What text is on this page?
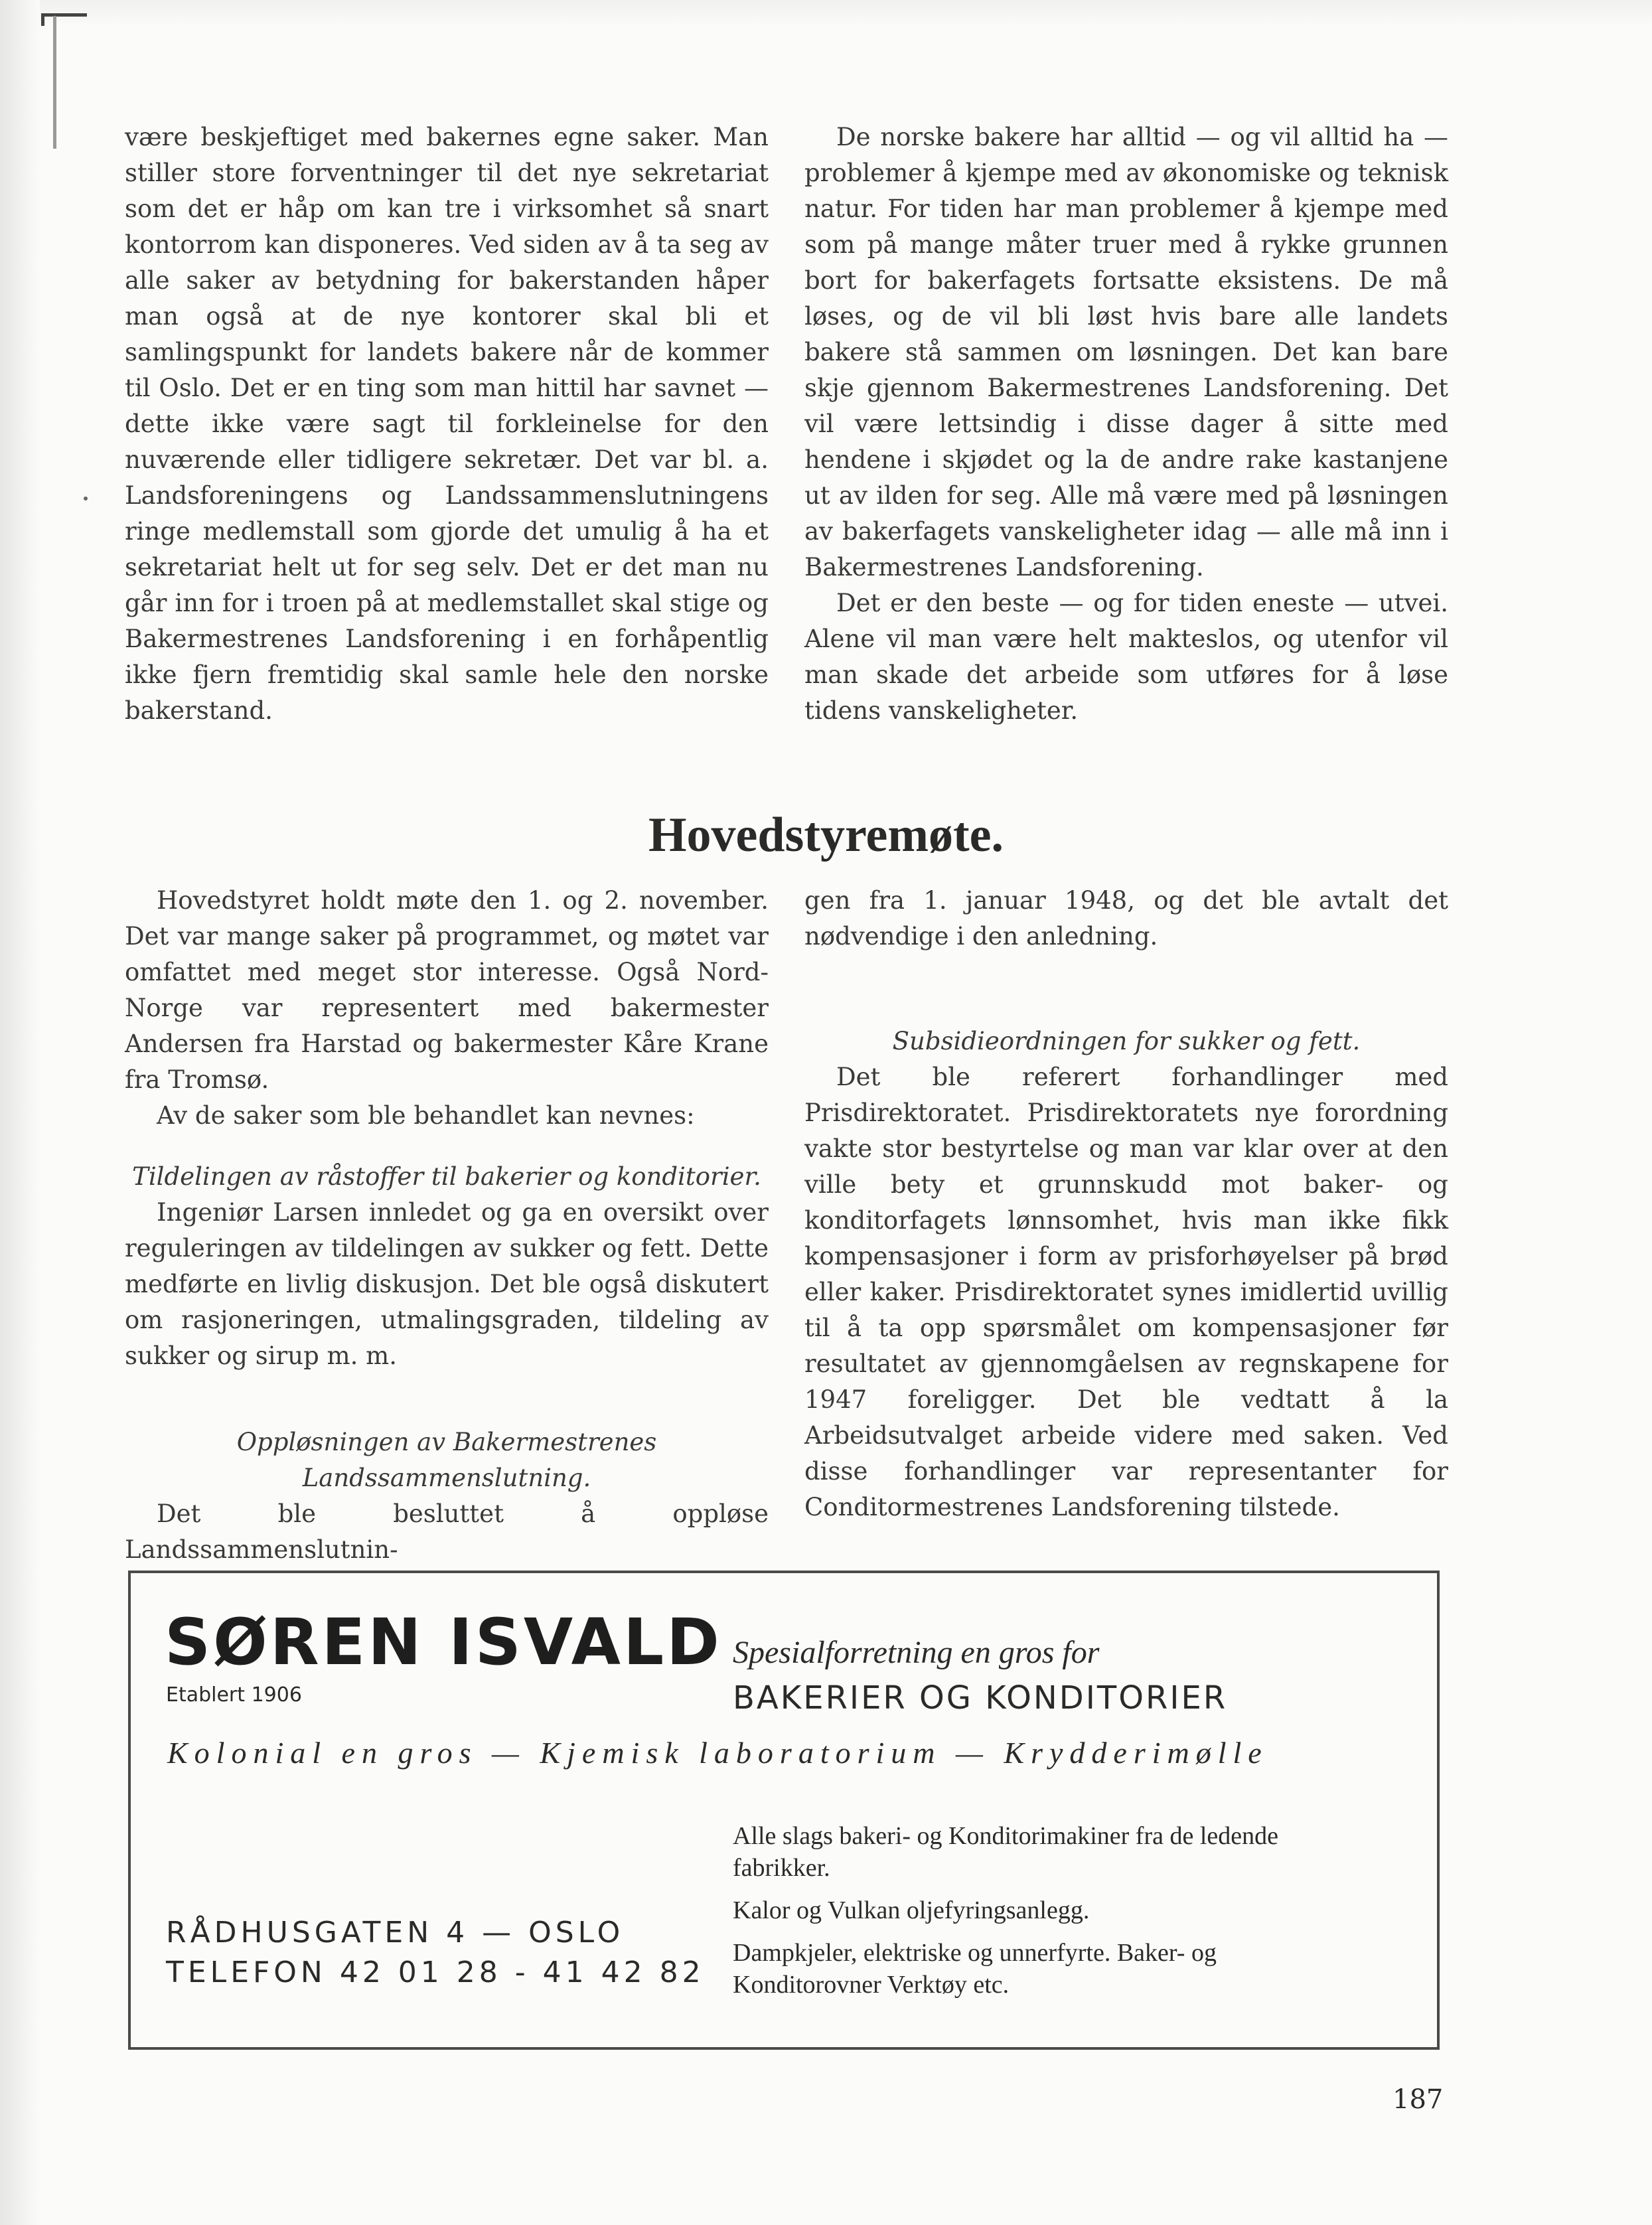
være beskjeftiget med bakernes egne saker. Man stiller store forventninger til det nye sekretariat som det er håp om kan tre i virksomhet så snart kontorrom kan disponeres. Ved siden av å ta seg av alle saker av betydning for bakerstanden håper man også at de nye kontorer skal bli et samlingspunkt for landets bakere når de kommer til Oslo. Det er en ting som man hittil har savnet — dette ikke være sagt til forkleinelse for den nuværende eller tidligere sekretær. Det var bl. a. Landsforeningens og Landssammenslutningens ringe medlemstall som gjorde det umulig å ha et sekretariat helt ut for seg selv. Det er det man nu går inn for i troen på at medlemstallet skal stige og Bakermestrenes Landsforening i en forhåpentlig ikke fjern fremtidig skal samle hele den norske bakerstand.

De norske bakere har alltid — og vil alltid ha — problemer å kjempe med av økonomiske og teknisk natur. For tiden har man problemer å kjempe med som på mange måter truer med å rykke grunnen bort for bakerfagets fortsatte eksistens. De må løses, og de vil bli løst hvis bare alle landets bakere stå sammen om løsningen. Det kan bare skje gjennom Bakermestrenes Landsforening. Det vil være lettsindig i disse dager å sitte med hendene i skjødet og la de andre rake kastanjene ut av ilden for seg. Alle må være med på løsningen av bakerfagets vanskeligheter idag — alle må inn i Bakermestrenes Landsforening.

Det er den beste — og for tiden eneste — utvei. Alene vil man være helt makteslos, og utenfor vil man skade det arbeide som utføres for å løse tidens vanskeligheter.

Hovedstyremøte.

Hovedstyret holdt møte den 1. og 2. november. Det var mange saker på programmet, og møtet var omfattet med meget stor interesse. Også Nord-Norge var representert med bakermester Andersen fra Harstad og bakermester Kåre Krane fra Tromsø.

Av de saker som ble behandlet kan nevnes:

Tildelingen av råstoffer til bakerier og konditorier.

Ingeniør Larsen innledet og ga en oversikt over reguleringen av tildelingen av sukker og fett. Dette medførte en livlig diskusjon. Det ble også diskutert om rasjoneringen, utmalingsgraden, tildeling av sukker og sirup m. m.

Oppløsningen av Bakermestrenes Landssammenslutning.

Det ble besluttet å oppløse Landssammenslutnin-

gen fra 1. januar 1948, og det ble avtalt det nødvendige i den anledning.

Subsidieordningen for sukker og fett.

Det ble referert forhandlinger med Prisdirektoratet. Prisdirektoratets nye forordning vakte stor bestyrtelse og man var klar over at den ville bety et grunnskudd mot baker- og konditorfagets lønnsomhet, hvis man ikke fikk kompensasjoner i form av prisforhøyelser på brød eller kaker. Prisdirektoratet synes imidlertid uvillig til å ta opp spørsmålet om kompensasjoner før resultatet av gjennomgåelsen av regnskapene for 1947 foreligger. Det ble vedtatt å la Arbeidsutvalget arbeide videre med saken. Ved disse forhandlinger var representanter for Conditormestrenes Landsforening tilstede.

SØREN ISVALD
Etablert 1906
Spesialforretning en gros for
BAKERIER OG KONDITORIER
Kolonial en gros — Kjemisk laboratorium — Krydderimølle

Alle slags bakeri- og Konditorimakiner fra de ledende fabrikker.

Kalor og Vulkan oljefyringsanlegg.

Dampkjeler, elektriske og unnerfyrte. Baker- og Konditorovner Verktøy etc.

RÅDHUSGATEN 4 — OSLO
TELEFON 42 01 28 - 41 42 82
187
